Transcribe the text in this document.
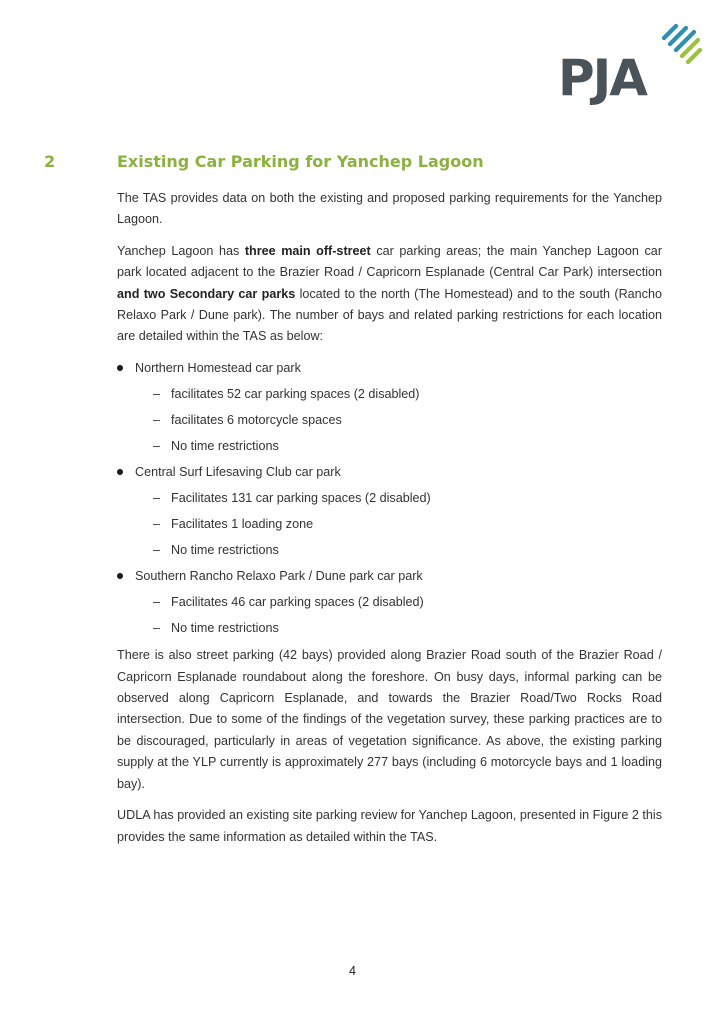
PJA
2	Existing Car Parking for Yanchep Lagoon

The TAS provides data on both the existing and proposed parking requirements for the Yanchep Lagoon.

Yanchep Lagoon has three main off-street car parking areas; the main Yanchep Lagoon car park located adjacent to the Brazier Road / Capricorn Esplanade (Central Car Park) intersection and two Secondary car parks located to the north (The Homestead) and to the south (Rancho Relaxo Park / Dune park). The number of bays and related parking restrictions for each location are detailed within the TAS as below:

Northern Homestead car park
– facilitates 52 car parking spaces (2 disabled)
– facilitates 6 motorcycle spaces
– No time restrictions
Central Surf Lifesaving Club car park
– Facilitates 131 car parking spaces (2 disabled)
– Facilitates 1 loading zone
– No time restrictions
Southern Rancho Relaxo Park / Dune park car park
– Facilitates 46 car parking spaces (2 disabled)
– No time restrictions

There is also street parking (42 bays) provided along Brazier Road south of the Brazier Road / Capricorn Esplanade roundabout along the foreshore. On busy days, informal parking can be observed along Capricorn Esplanade, and towards the Brazier Road/Two Rocks Road intersection. Due to some of the findings of the vegetation survey, these parking practices are to be discouraged, particularly in areas of vegetation significance. As above, the existing parking supply at the YLP currently is approximately 277 bays (including 6 motorcycle bays and 1 loading bay).

UDLA has provided an existing site parking review for Yanchep Lagoon, presented in Figure 2 this provides the same information as detailed within the TAS.

4
